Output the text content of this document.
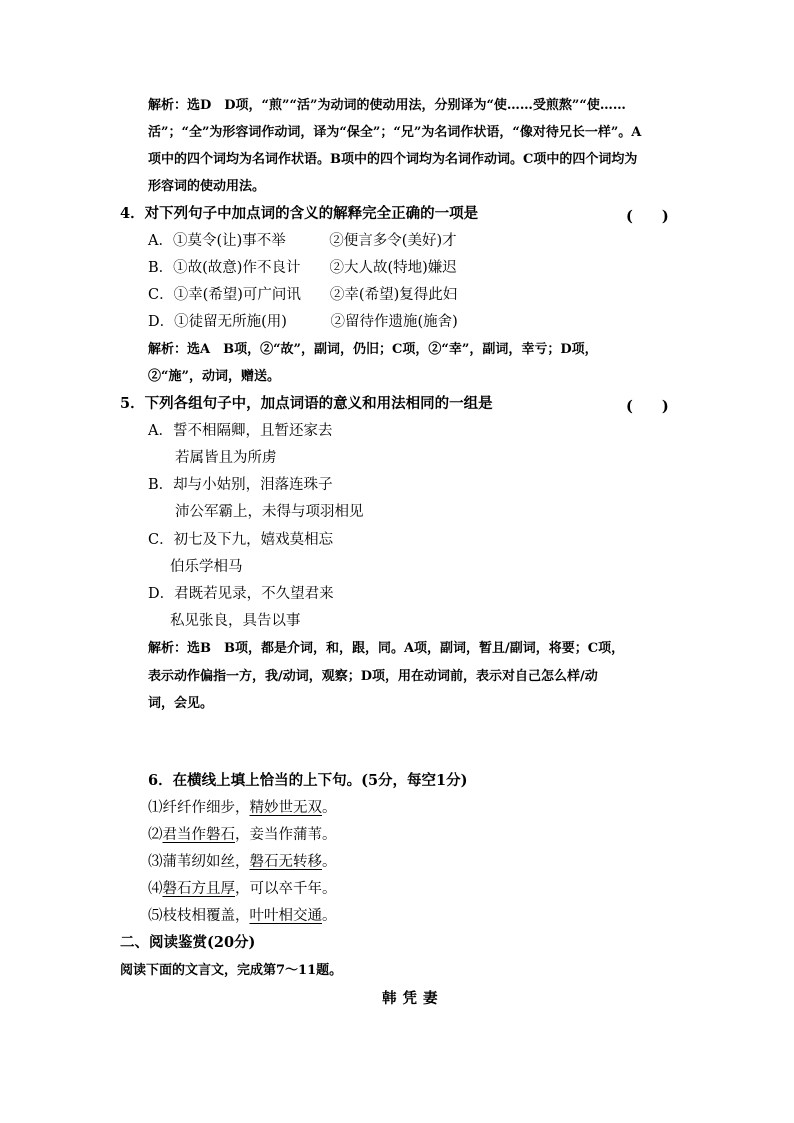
解析：选D　D项，“煎”“活”为动词的使动用法，分别译为“使……受煎熬”“使……
活”；“全”为形容词作动词，译为“保全”；“兄”为名词作状语，“像对待兄长一样”。A
项中的四个词均为名词作状语。B项中的四个词均为名词作动词。C项中的四个词均为
形容词的使动用法。
4．对下列句子中加点词的含义的解释完全正确的一项是	(　　)
A．①莫令(让)事不举　　　②便言多令(美好)才
B．①故(故意)作不良计　　②大人故(特地)嫌迟
C．①幸(希望)可广问讯　　②幸(希望)复得此妇
D．①徒留无所施(用)　　　②留待作遗施(施舍)
解析：选A　B项，②“故”，副词，仍旧；C项，②“幸”，副词，幸亏；D项，
②“施”，动词，赠送。
5．下列各组句子中，加点词语的意义和用法相同的一组是	(　　)
A．誓不相隔卿，且暂还家去
若属皆且为所虏
B．却与小姑别，泪落连珠子
沛公军霸上，未得与项羽相见
C．初七及下九，嬉戏莫相忘
伯乐学相马
D．君既若见录，不久望君来
私见张良，具告以事
解析：选B　B项，都是介词，和，跟，同。A项，副词，暂且/副词，将要；C项，
表示动作偏指一方，我/动词，观察；D项，用在动词前，表示对自己怎么样/动
词，会见。
6．在横线上填上恰当的上下句。(5分，每空1分)
⑴纤纤作细步，精妙世无双。
⑵君当作磐石，妾当作蒲苇。
⑶蒲苇纫如丝，磐石无转移。
⑷磐石方且厚，可以卒千年。
⑸枝枝相覆盖，叶叶相交通。
二、阅读鉴赏(20分)
阅读下面的文言文，完成第7～11题。
韩凭妻
